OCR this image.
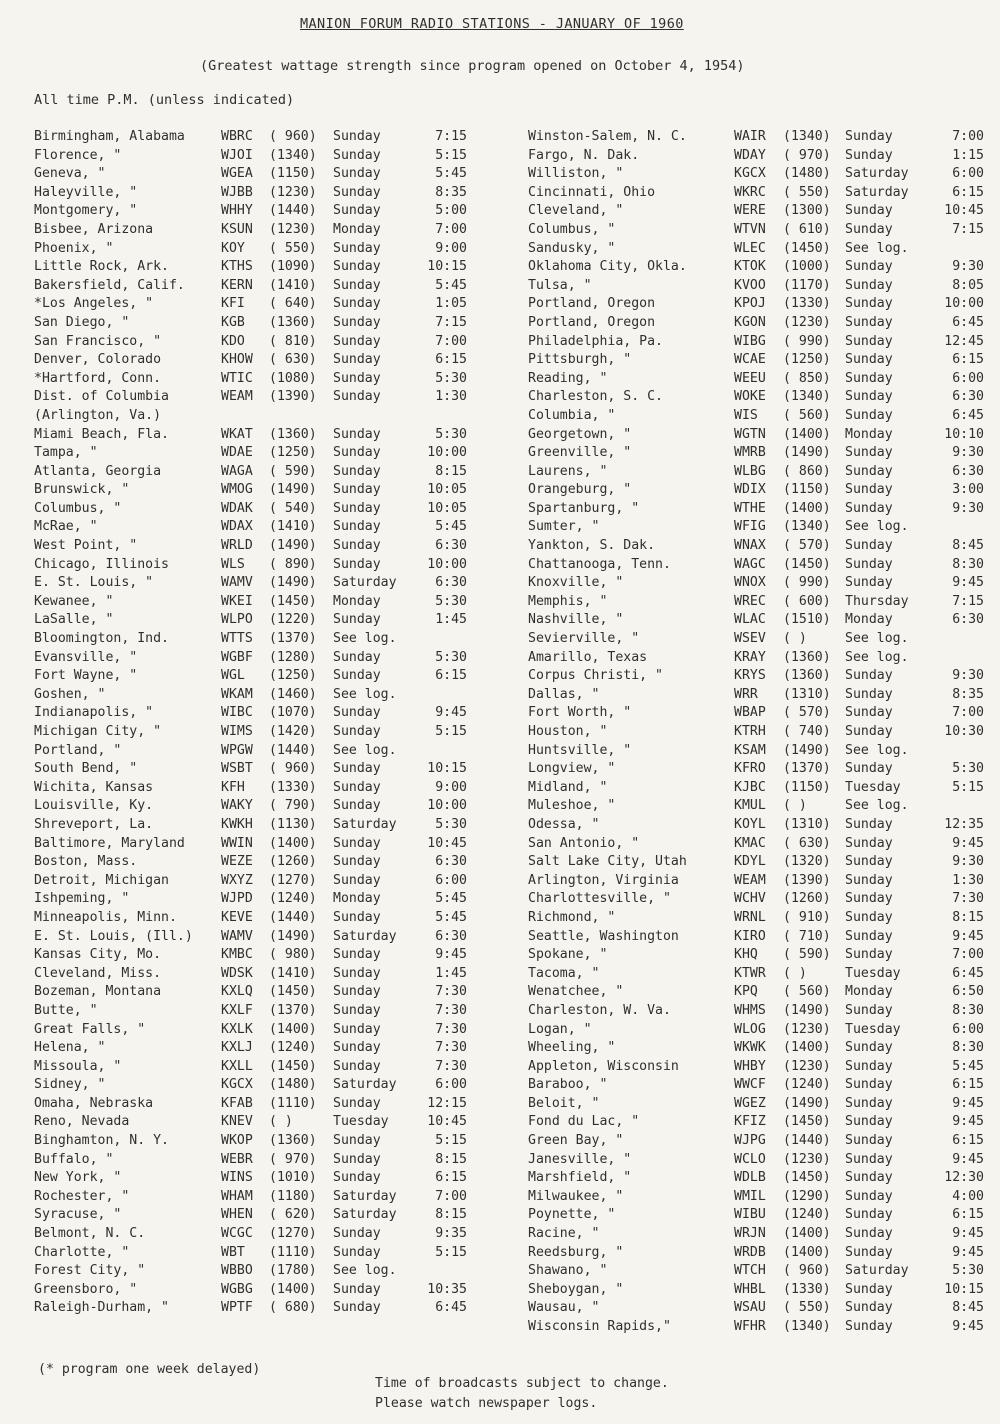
MANION FORUM RADIO STATIONS - JANUARY OF 1960
(Greatest wattage strength since program opened on October 4, 1954)
All time P.M. (unless indicated)
Birmingham, Alabama	WBRC ( 960) Sunday	7:15
Florence, "	WJOI (1340) Sunday	5:15
Geneva, "	WGEA (1150) Sunday	5:45
Haleyville, "	WJBB (1230) Sunday	8:35
Montgomery, "	WHHY (1440) Sunday	5:00
Bisbee, Arizona	KSUN (1230) Monday	7:00
Phoenix, "	KOY ( 550) Sunday	9:00
Little Rock, Ark.	KTHS (1090) Sunday	10:15
Bakersfield, Calif.	KERN (1410) Sunday	5:45
*Los Angeles, "	KFI ( 640) Sunday	1:05
San Diego, "	KGB (1360) Sunday	7:15
San Francisco, "	KDO ( 810) Sunday	7:00
Denver, Colorado	KHOW ( 630) Sunday	6:15
*Hartford, Conn.	WTIC (1080) Sunday	5:30
Dist. of Columbia	WEAM (1390) Sunday	1:30
(Arlington, Va.)
Miami Beach, Fla.	WKAT (1360) Sunday	5:30
Tampa, "	WDAE (1250) Sunday	10:00
Atlanta, Georgia	WAGA ( 590) Sunday	8:15
Brunswick, "	WMOG (1490) Sunday	10:05
Columbus, "	WDAK ( 540) Sunday	10:05
McRae, "	WDAX (1410) Sunday	5:45
West Point, "	WRLD (1490) Sunday	6:30
Chicago, Illinois	WLS ( 890) Sunday	10:00
E. St. Louis, "	WAMV (1490) Saturday	6:30
Kewanee, "	WKEI (1450) Monday	5:30
LaSalle, "	WLPO (1220) Sunday	1:45
Bloomington, Ind.	WTTS (1370) See log.
Evansville, "	WGBF (1280) Sunday	5:30
Fort Wayne, "	WGL (1250) Sunday	6:15
Goshen, "	WKAM (1460) See log.
Indianapolis, "	WIBC (1070) Sunday	9:45
Michigan City, "	WIMS (1420) Sunday	5:15
Portland, "	WPGW (1440) See log.
South Bend, "	WSBT ( 960) Sunday	10:15
Wichita, Kansas	KFH (1330) Sunday	9:00
Louisville, Ky.	WAKY ( 790) Sunday	10:00
Shreveport, La.	KWKH (1130) Saturday	5:30
Baltimore, Maryland	WWIN (1400) Sunday	10:45
Boston, Mass.	WEZE (1260) Sunday	6:30
Detroit, Michigan	WXYZ (1270) Sunday	6:00
Ishpeming, "	WJPD (1240) Monday	5:45
Minneapolis, Minn.	KEVE (1440) Sunday	5:45
E. St. Louis, (Ill.) WAMV (1490) Saturday	6:30
Kansas City, Mo.	KMBC ( 980) Sunday	9:45
Cleveland, Miss.	WDSK (1410) Sunday	1:45
Bozeman, Montana	KXLQ (1450) Sunday	7:30
Butte, "	KXLF (1370) Sunday	7:30
Great Falls, "	KXLK (1400) Sunday	7:30
Helena, "	KXLJ (1240) Sunday	7:30
Missoula, "	KXLL (1450) Sunday	7:30
Sidney, "	KGCX (1480) Saturday	6:00
Omaha, Nebraska	KFAB (1110) Sunday	12:15
Reno, Nevada	KNEV ( )	Tuesday	10:45
Binghamton, N. Y.	WKOP (1360) Sunday	5:15
Buffalo, "	WEBR ( 970) Sunday	8:15
New York, "	WINS (1010) Sunday	6:15
Rochester, "	WHAM (1180) Saturday	7:00
Syracuse, "	WHEN ( 620) Saturday	8:15
Belmont, N. C.	WCGC (1270) Sunday	9:35
Charlotte, "	WBT (1110) Sunday	5:15
Forest City, "	WBBO (1780) See log.
Greensboro, "	WGBG (1400) Sunday	10:35
Raleigh-Durham, "	WPTF ( 680) Sunday	6:45
Winston-Salem, N. C.	WAIR (1340) Sunday	7:00
Fargo, N. Dak.	WDAY ( 970) Sunday	1:15
Williston, "	KGCX (1480) Saturday	6:00
Cincinnati, Ohio	WKRC ( 550) Saturday	6:15
Cleveland, "	WERE (1300) Sunday	10:45
Columbus, "	WTVN ( 610) Sunday	7:15
Sandusky, "	WLEC (1450) See log.
Oklahoma City, Okla.	KTOK (1000) Sunday	9:30
Tulsa, "	KVOO (1170) Sunday	8:05
Portland, Oregon	KPOJ (1330) Sunday	10:00
Portland, Oregon	KGON (1230) Sunday	6:45
Philadelphia, Pa.	WIBG ( 990) Sunday	12:45
Pittsburgh, "	WCAE (1250) Sunday	6:15
Reading, "	WEEU ( 850) Sunday	6:00
Charleston, S. C.	WOKE (1340) Sunday	6:30
Columbia, "	WIS ( 560) Sunday	6:45
Georgetown, "	WGTN (1400) Monday	10:10
Greenville, "	WMRB (1490) Sunday	9:30
Laurens, "	WLBG ( 860) Sunday	6:30
Orangeburg, "	WDIX (1150) Sunday	3:00
Spartanburg, "	WTHE (1400) Sunday	9:30
Sumter, "	WFIG (1340) See log.
Yankton, S. Dak.	WNAX ( 570) Sunday	8:45
Chattanooga, Tenn.	WAGC (1450) Sunday	8:30
Knoxville, "	WNOX ( 990) Sunday	9:45
Memphis, "	WREC ( 600) Thursday	7:15
Nashville, "	WLAC (1510) Monday	6:30
Sevierville, "	WSEV ( )	See log.
Amarillo, Texas	KRAY (1360) See log.
Corpus Christi, "	KRYS (1360) Sunday	9:30
Dallas, "	WRR (1310) Sunday	8:35
Fort Worth, "	WBAP ( 570) Sunday	7:00
Houston, "	KTRH ( 740) Sunday	10:30
Huntsville, "	KSAM (1490) See log.
Longview, "	KFRO (1370) Sunday	5:30
Midland, "	KJBC (1150) Tuesday	5:15
Muleshoe, "	KMUL ( )	See log.
Odessa, "	KOYL (1310) Sunday	12:35
San Antonio, "	KMAC ( 630) Sunday	9:45
Salt Lake City, Utah	KDYL (1320) Sunday	9:30
Arlington, Virginia	WEAM (1390) Sunday	1:30
Charlottesville, "	WCHV (1260) Sunday	7:30
Richmond, "	WRNL ( 910) Sunday	8:15
Seattle, Washington	KIRO ( 710) Sunday	9:45
Spokane, "	KHQ ( 590) Sunday	7:00
Tacoma, "	KTWR ( )	Tuesday	6:45
Wenatchee, "	KPQ ( 560) Monday	6:50
Charleston, W. Va.	WHMS (1490) Sunday	8:30
Logan, "	WLOG (1230) Tuesday	6:00
Wheeling, "	WKWK (1400) Sunday	8:30
Appleton, Wisconsin	WHBY (1230) Sunday	5:45
Baraboo, "	WWCF (1240) Sunday	6:15
Beloit, "	WGEZ (1490) Sunday	9:45
Fond du Lac, "	KFIZ (1450) Sunday	9:45
Green Bay, "	WJPG (1440) Sunday	6:15
Janesville, "	WCLO (1230) Sunday	9:45
Marshfield, "	WDLB (1450) Sunday	12:30
Milwaukee, "	WMIL (1290) Sunday	4:00
Poynette, "	WIBU (1240) Sunday	6:15
Racine, "	WRJN (1400) Sunday	9:45
Reedsburg, "	WRDB (1400) Sunday	9:45
Shawano, "	WTCH ( 960) Saturday	5:30
Sheboygan, "	WHBL (1330) Sunday	10:15
Wausau, "	WSAU ( 550) Sunday	8:45
Wisconsin Rapids,"	WFHR (1340) Sunday	9:45
(* program one week delayed)
Time of broadcasts subject to change.
Please watch newspaper logs.
